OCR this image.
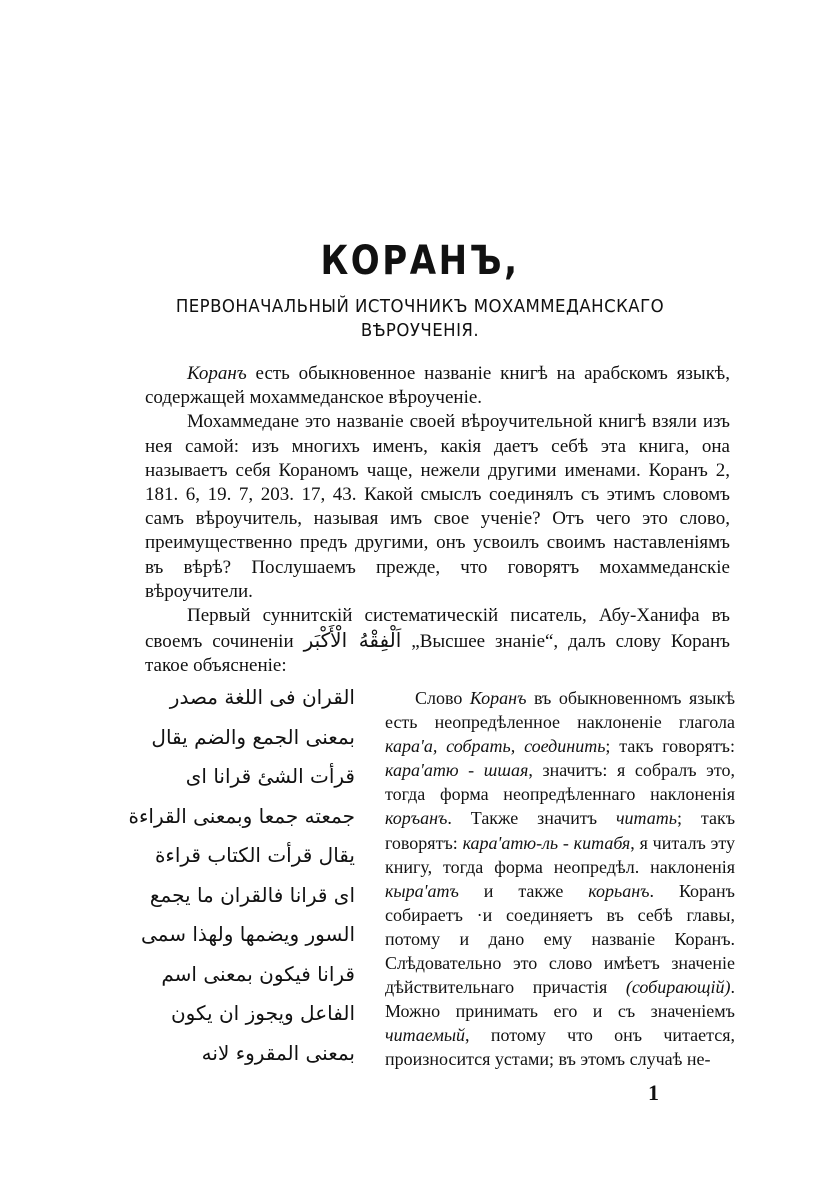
КОРАНЪ,
ПЕРВОНАЧАЛЬНЫЙ ИСТОЧНИКЪ МОХАММЕДАНСКАГО ВѢРОУЧЕНІЯ.

Коранъ есть обыкновенное названіе книгѣ на арабскомъ языкѣ, содержащей мохаммеданское вѣроученіе.

Мохаммедане это названіе своей вѣроучительной книгѣ взяли изъ нея самой: изъ многихъ именъ, какія даетъ себѣ эта книга, она называетъ себя Кораномъ чаще, нежели другими именами. Коранъ 2, 181. 6, 19. 7, 203. 17, 43. Какой смыслъ соединялъ съ этимъ словомъ самъ вѣроучитель, называя имъ свое ученіе? Отъ чего это слово, преимущественно предъ другими, онъ усвоилъ своимъ наставленіямъ въ вѣрѣ? Послушаемъ прежде, что говорятъ мохаммеданскіе вѣроучители.

Первый суннитскій систематическій писатель, Абу-Ханифа въ своемъ сочиненіи اَلْفِقْهُ الْأَكْبَر „Высшее знаніе“, далъ слову Коранъ такое объясненіе:

القران فى اللغة مصدر
بمعنى الجمع والضم يقال
قرأت الشئ قرانا اى
جمعته جمعا وبمعنى القراءة
يقال قرأت الكتاب قراءة
اى قرانا فالقران ما يجمع
السور ويضمها ولهذا سمى
قرانا فيكون بمعنى اسم
الفاعل ويجوز ان يكون
بمعنى المقروء لانه

Слово Коранъ въ обыкновенномъ языкѣ есть неопредѣленное наклоненіе глагола кара'а, собрать, соединить; такъ говорятъ: кара'атю - шшая, значитъ: я собралъ это, тогда форма неопредѣленнаго наклоненія коръанъ. Также значитъ читать; такъ говорятъ: кара'атю-ль - китабя, я читалъ эту книгу, тогда форма неопредѣл. наклоненія кыра'атъ и также корьанъ. Коранъ собираетъ ·и соединяетъ въ себѣ главы, потому и дано ему названіе Коранъ. Слѣдовательно это слово имѣетъ значеніе дѣйствительнаго причастія (собирающій). Можно принимать его и съ значеніемъ читаемый, потому что онъ читается, произносится устами; въ этомъ случаѣ не-

1
